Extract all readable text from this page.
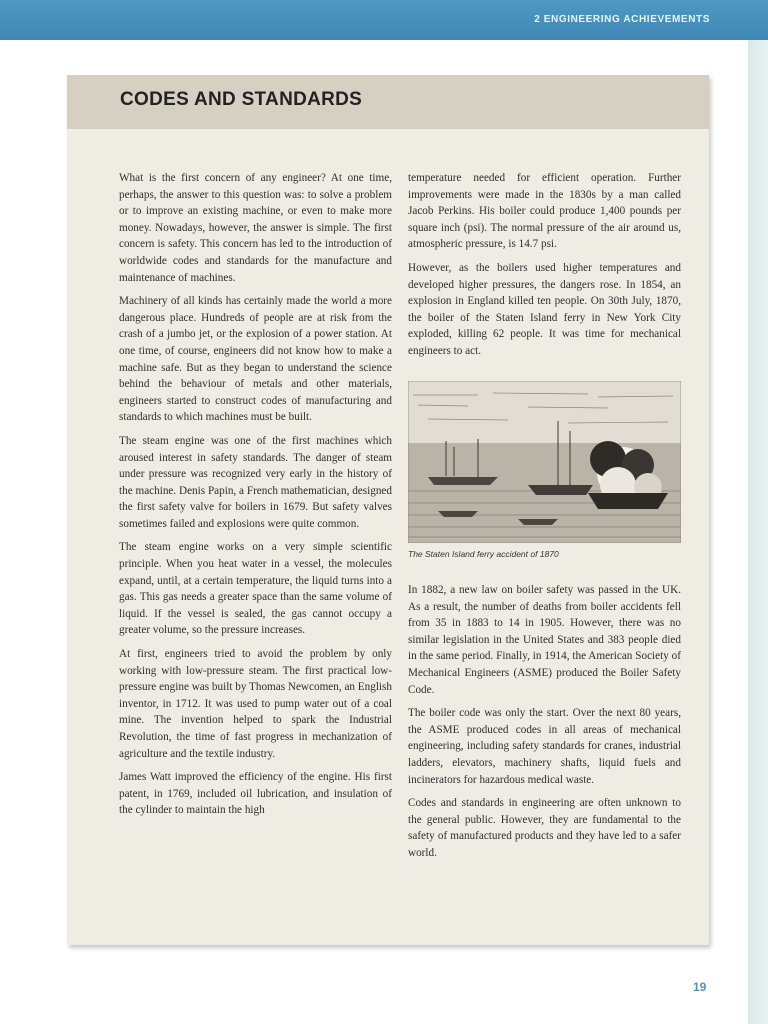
2 ENGINEERING ACHIEVEMENTS
CODES AND STANDARDS

What is the first concern of any engineer? At one time, perhaps, the answer to this question was: to solve a problem or to improve an existing machine, or even to make more money. Nowadays, however, the answer is simple. The first concern is safety. This concern has led to the introduction of worldwide codes and standards for the manufacture and maintenance of machines.

Machinery of all kinds has certainly made the world a more dangerous place. Hundreds of people are at risk from the crash of a jumbo jet, or the explosion of a power station. At one time, of course, engineers did not know how to make a machine safe. But as they began to understand the science behind the behaviour of metals and other materials, engineers started to construct codes of manufacturing and standards to which machines must be built.

The steam engine was one of the first machines which aroused interest in safety standards. The danger of steam under pressure was recognized very early in the history of the machine. Denis Papin, a French mathematician, designed the first safety valve for boilers in 1679. But safety valves sometimes failed and explosions were quite common.

The steam engine works on a very simple scientific principle. When you heat water in a vessel, the molecules expand, until, at a certain temperature, the liquid turns into a gas. This gas needs a greater space than the same volume of liquid. If the vessel is sealed, the gas cannot occupy a greater volume, so the pressure increases.

At first, engineers tried to avoid the problem by only working with low-pressure steam. The first practical low-pressure engine was built by Thomas Newcomen, an English inventor, in 1712. It was used to pump water out of a coal mine. The invention helped to spark the Industrial Revolution, the time of fast progress in mechanization of agriculture and the textile industry.

James Watt improved the efficiency of the engine. His first patent, in 1769, included oil lubrication, and insulation of the cylinder to maintain the high

temperature needed for efficient operation. Further improvements were made in the 1830s by a man called Jacob Perkins. His boiler could produce 1,400 pounds per square inch (psi). The normal pressure of the air around us, atmospheric pressure, is 14.7 psi.

However, as the boilers used higher temperatures and developed higher pressures, the dangers rose. In 1854, an explosion in England killed ten people. On 30th July, 1870, the boiler of the Staten Island ferry in New York City exploded, killing 62 people. It was time for mechanical engineers to act.

The Staten Island ferry accident of 1870

In 1882, a new law on boiler safety was passed in the UK. As a result, the number of deaths from boiler accidents fell from 35 in 1883 to 14 in 1905. However, there was no similar legislation in the United States and 383 people died in the same period. Finally, in 1914, the American Society of Mechanical Engineers (ASME) produced the Boiler Safety Code.

The boiler code was only the start. Over the next 80 years, the ASME produced codes in all areas of mechanical engineering, including safety standards for cranes, industrial ladders, elevators, machinery shafts, liquid fuels and incinerators for hazardous medical waste.

Codes and standards in engineering are often unknown to the general public. However, they are fundamental to the safety of manufactured products and they have led to a safer world.

19
